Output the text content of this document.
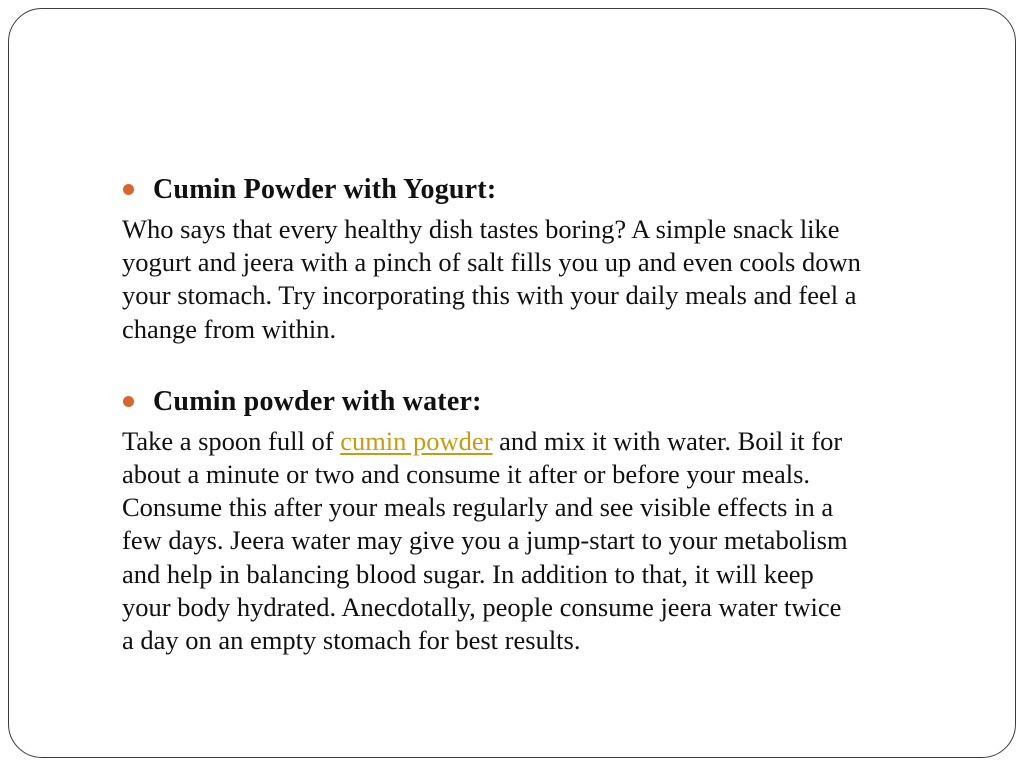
Cumin Powder with Yogurt:

Who says that every healthy dish tastes boring? A simple snack like

yogurt and jeera with a pinch of salt fills you up and even cools down

your stomach. Try incorporating this with your daily meals and feel a

change from within.

Cumin powder with water:

Take a spoon full of cumin powder and mix it with water. Boil it for

about a minute or two and consume it after or before your meals.

Consume this after your meals regularly and see visible effects in a

few days. Jeera water may give you a jump-start to your metabolism

and help in balancing blood sugar. In addition to that, it will keep

your body hydrated. Anecdotally, people consume jeera water twice

a day on an empty stomach for best results.
